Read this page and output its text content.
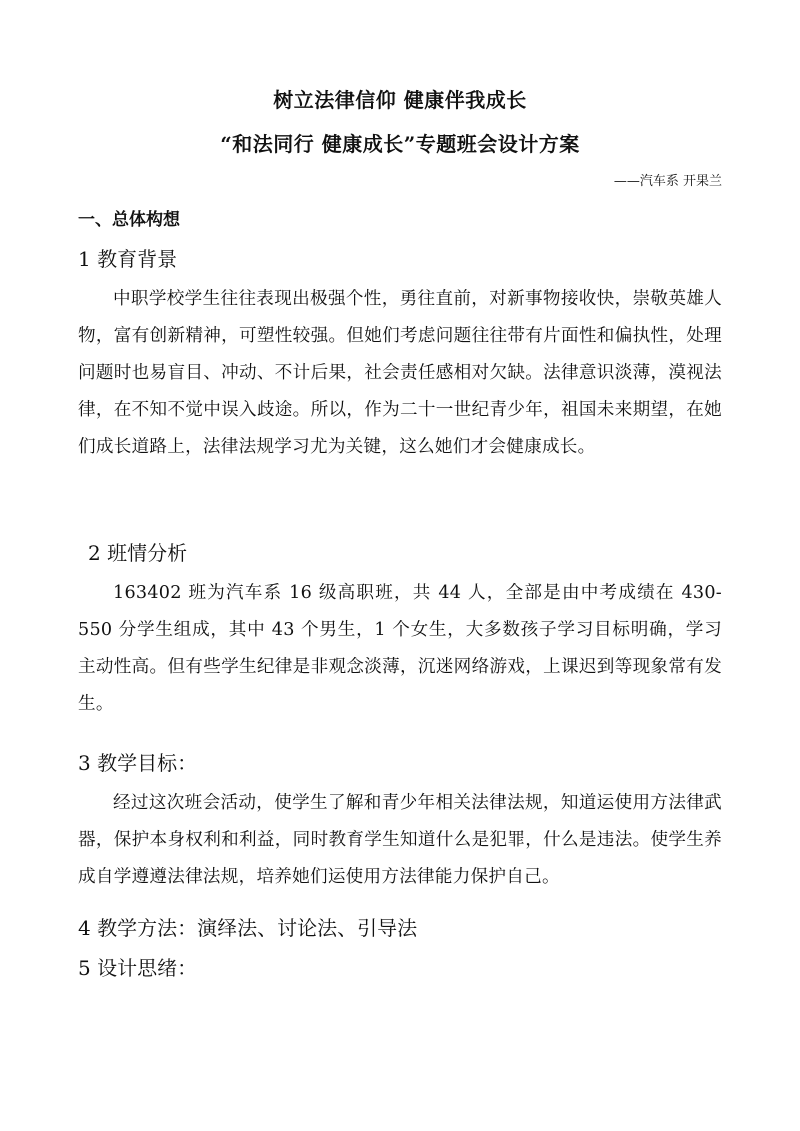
树立法律信仰 健康伴我成长
“和法同行 健康成长”专题班会设计方案
——汽车系 开果兰
一、总体构想
1 教育背景
中职学校学生往往表现出极强个性，勇往直前，对新事物接收快，崇敬英雄人物，富有创新精神，可塑性较强。但她们考虑问题往往带有片面性和偏执性，处理问题时也易盲目、冲动、不计后果，社会责任感相对欠缺。法律意识淡薄，漠视法律，在不知不觉中误入歧途。所以，作为二十一世纪青少年，祖国未来期望，在她们成长道路上，法律法规学习尤为关键，这么她们才会健康成长。
2 班情分析
163402 班为汽车系 16 级高职班，共 44 人，全部是由中考成绩在 430-550 分学生组成，其中 43 个男生，1 个女生，大多数孩子学习目标明确，学习主动性高。但有些学生纪律是非观念淡薄，沉迷网络游戏，上课迟到等现象常有发生。
3 教学目标：
经过这次班会活动，使学生了解和青少年相关法律法规，知道运使用方法律武器，保护本身权利和利益，同时教育学生知道什么是犯罪，什么是违法。使学生养成自学遵遵法律法规，培养她们运使用方法律能力保护自己。
4 教学方法：演绎法、讨论法、引导法
5 设计思绪：
